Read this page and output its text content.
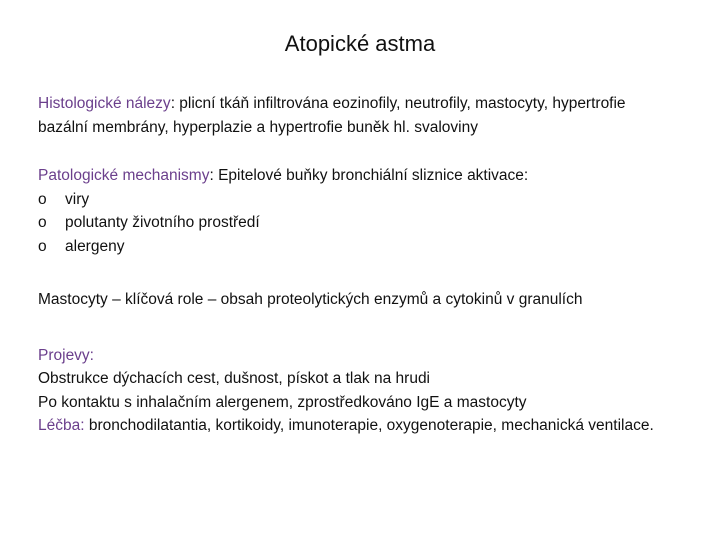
Atopické astma

Histologické nálezy: plicní tkáň infiltrována eozinofily, neutrofily, mastocyty, hypertrofie bazální membrány, hyperplazie a hypertrofie buněk hl. svaloviny

Patologické mechanismy: Epitelové buňky bronchiální sliznice aktivace:

o	viry
o	polutanty životního prostředí
o	alergeny

Mastocyty – klíčová role – obsah proteolytických enzymů a cytokinů v granulích

Projevy:

Obstrukce dýchacích cest, dušnost, pískot a tlak na hrudi

Po kontaktu s inhalačním alergenem, zprostředkováno IgE a mastocyty

Léčba: bronchodilatantia, kortikoidy, imunoterapie, oxygenoterapie, mechanická ventilace.
